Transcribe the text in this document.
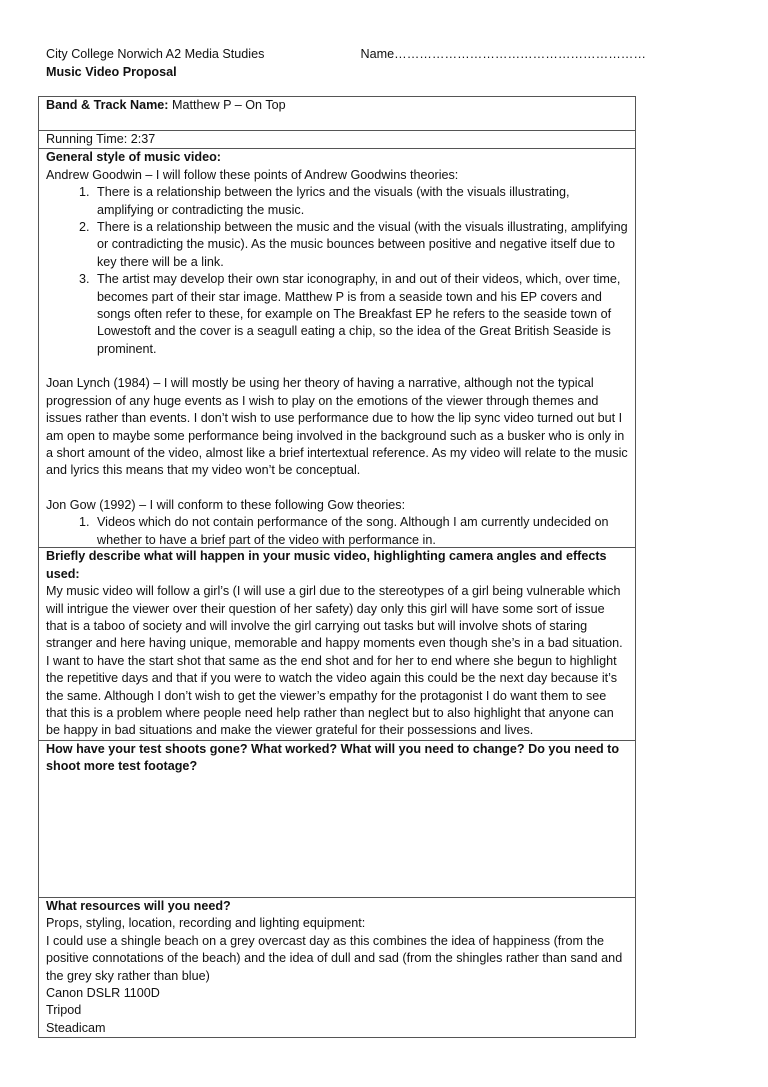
City College Norwich A2 Media Studies	Name……………………………………………………
Music Video Proposal
Band & Track Name: Matthew P – On Top
Running Time: 2:37

General style of music video:
Andrew Goodwin – I will follow these points of Andrew Goodwins theories:
1. There is a relationship between the lyrics and the visuals (with the visuals illustrating, amplifying or contradicting the music.
2. There is a relationship between the music and the visual (with the visuals illustrating, amplifying or contradicting the music). As the music bounces between positive and negative itself due to key there will be a link.
3. The artist may develop their own star iconography, in and out of their videos, which, over time, becomes part of their star image. Matthew P is from a seaside town and his EP covers and songs often refer to these, for example on The Breakfast EP he refers to the seaside town of Lowestoft and the cover is a seagull eating a chip, so the idea of the Great British Seaside is prominent.

Joan Lynch (1984) – I will mostly be using her theory of having a narrative, although not the typical progression of any huge events as I wish to play on the emotions of the viewer through themes and issues rather than events. I don’t wish to use performance due to how the lip sync video turned out but I am open to maybe some performance being involved in the background such as a busker who is only in a short amount of the video, almost like a brief intertextual reference. As my video will relate to the music and lyrics this means that my video won’t be conceptual.

Jon Gow (1992) – I will conform to these following Gow theories:
1. Videos which do not contain performance of the song. Although I am currently undecided on whether to have a brief part of the video with performance in.

Briefly describe what will happen in your music video, highlighting camera angles and effects used:

My music video will follow a girl’s (I will use a girl due to the stereotypes of a girl being vulnerable which will intrigue the viewer over their question of her safety) day only this girl will have some sort of issue that is a taboo of society and will involve the girl carrying out tasks but will involve shots of staring stranger and here having unique, memorable and happy moments even though she’s in a bad situation. I want to have the start shot that same as the end shot and for her to end where she begun to highlight the repetitive days and that if you were to watch the video again this could be the next day because it’s the same. Although I don’t wish to get the viewer’s empathy for the protagonist I do want them to see that this is a problem where people need help rather than neglect but to also highlight that anyone can be happy in bad situations and make the viewer grateful for their possessions and lives.

How have your test shoots gone? What worked? What will you need to change? Do you need to shoot more test footage?

What resources will you need?
Props, styling, location, recording and lighting equipment:

I could use a shingle beach on a grey overcast day as this combines the idea of happiness (from the positive connotations of the beach) and the idea of dull and sad (from the shingles rather than sand and the grey sky rather than blue)

Canon DSLR 1100D
Tripod
Steadicam
